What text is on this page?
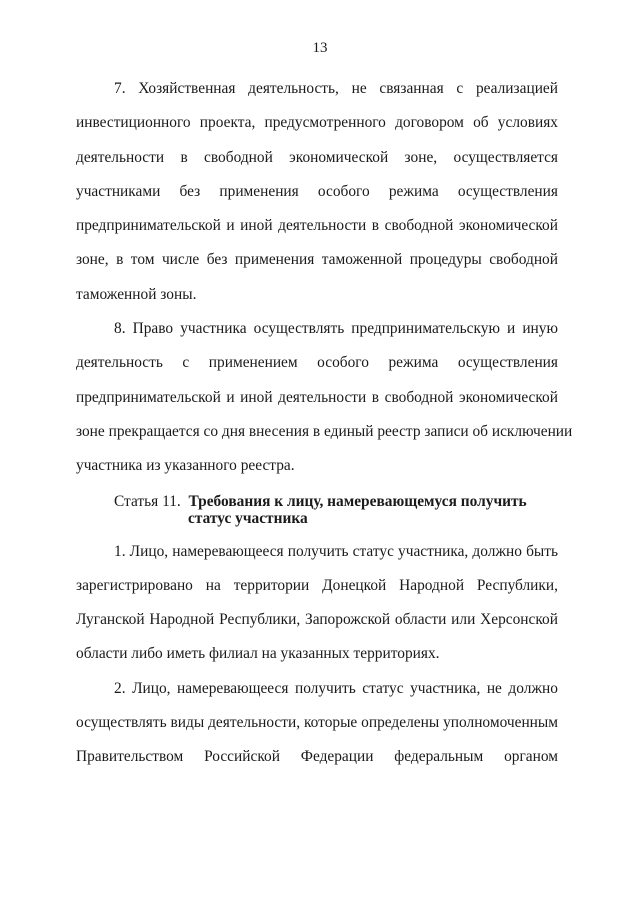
13
7. Хозяйственная деятельность, не связанная с реализацией
инвестиционного проекта, предусмотренного договором об условиях
деятельности в свободной экономической зоне, осуществляется
участниками без применения особого режима осуществления
предпринимательской и иной деятельности в свободной экономической
зоне, в том числе без применения таможенной процедуры свободной
таможенной зоны.
8. Право участника осуществлять предпринимательскую и иную
деятельность с применением особого режима осуществления
предпринимательской и иной деятельности в свободной экономической
зоне прекращается со дня внесения в единый реестр записи об исключении
участника из указанного реестра.
Статья 11. Требования к лицу, намеревающемуся получить
статус участника
1. Лицо, намеревающееся получить статус участника, должно быть
зарегистрировано на территории Донецкой Народной Республики,
Луганской Народной Республики, Запорожской области или Херсонской
области либо иметь филиал на указанных территориях.
2. Лицо, намеревающееся получить статус участника, не должно
осуществлять виды деятельности, которые определены уполномоченным
Правительством Российской Федерации федеральным органом
